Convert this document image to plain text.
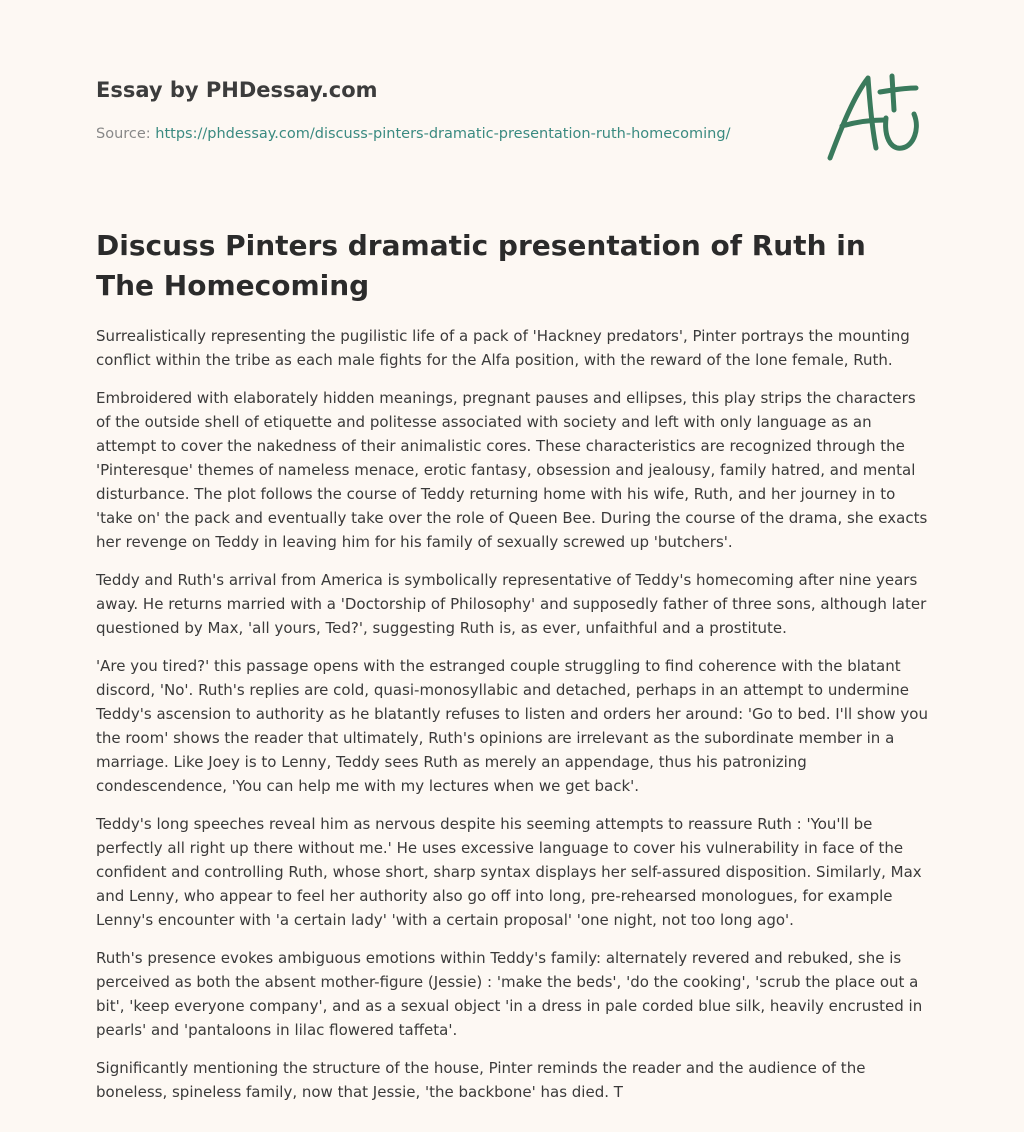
Essay by PHDessay.com
Source: https://phdessay.com/discuss-pinters-dramatic-presentation-ruth-homecoming/
Discuss Pinters dramatic presentation of Ruth in The Homecoming

Surrealistically representing the pugilistic life of a pack of 'Hackney predators', Pinter portrays the mounting conflict within the tribe as each male fights for the Alfa position, with the reward of the lone female, Ruth.

Embroidered with elaborately hidden meanings, pregnant pauses and ellipses, this play strips the characters of the outside shell of etiquette and politesse associated with society and left with only language as an attempt to cover the nakedness of their animalistic cores. These characteristics are recognized through the 'Pinteresque' themes of nameless menace, erotic fantasy, obsession and jealousy, family hatred, and mental disturbance. The plot follows the course of Teddy returning home with his wife, Ruth, and her journey in to 'take on' the pack and eventually take over the role of Queen Bee. During the course of the drama, she exacts her revenge on Teddy in leaving him for his family of sexually screwed up 'butchers'.

Teddy and Ruth's arrival from America is symbolically representative of Teddy's homecoming after nine years away. He returns married with a 'Doctorship of Philosophy' and supposedly father of three sons, although later questioned by Max, 'all yours, Ted?', suggesting Ruth is, as ever, unfaithful and a prostitute.

'Are you tired?' this passage opens with the estranged couple struggling to find coherence with the blatant discord, 'No'. Ruth's replies are cold, quasi-monosyllabic and detached, perhaps in an attempt to undermine Teddy's ascension to authority as he blatantly refuses to listen and orders her around: 'Go to bed. I'll show you the room' shows the reader that ultimately, Ruth's opinions are irrelevant as the subordinate member in a marriage. Like Joey is to Lenny, Teddy sees Ruth as merely an appendage, thus his patronizing condescendence, 'You can help me with my lectures when we get back'.

Teddy's long speeches reveal him as nervous despite his seeming attempts to reassure Ruth : 'You'll be perfectly all right up there without me.' He uses excessive language to cover his vulnerability in face of the confident and controlling Ruth, whose short, sharp syntax displays her self-assured disposition. Similarly, Max and Lenny, who appear to feel her authority also go off into long, pre-rehearsed monologues, for example Lenny's encounter with 'a certain lady' 'with a certain proposal' 'one night, not too long ago'.

Ruth's presence evokes ambiguous emotions within Teddy's family: alternately revered and rebuked, she is perceived as both the absent mother-figure (Jessie) : 'make the beds', 'do the cooking', 'scrub the place out a bit', 'keep everyone company', and as a sexual object 'in a dress in pale corded blue silk, heavily encrusted in pearls' and 'pantaloons in lilac flowered taffeta'.

Significantly mentioning the structure of the house, Pinter reminds the reader and the audience of the boneless, spineless family, now that Jessie, 'the backbone' has died. T
